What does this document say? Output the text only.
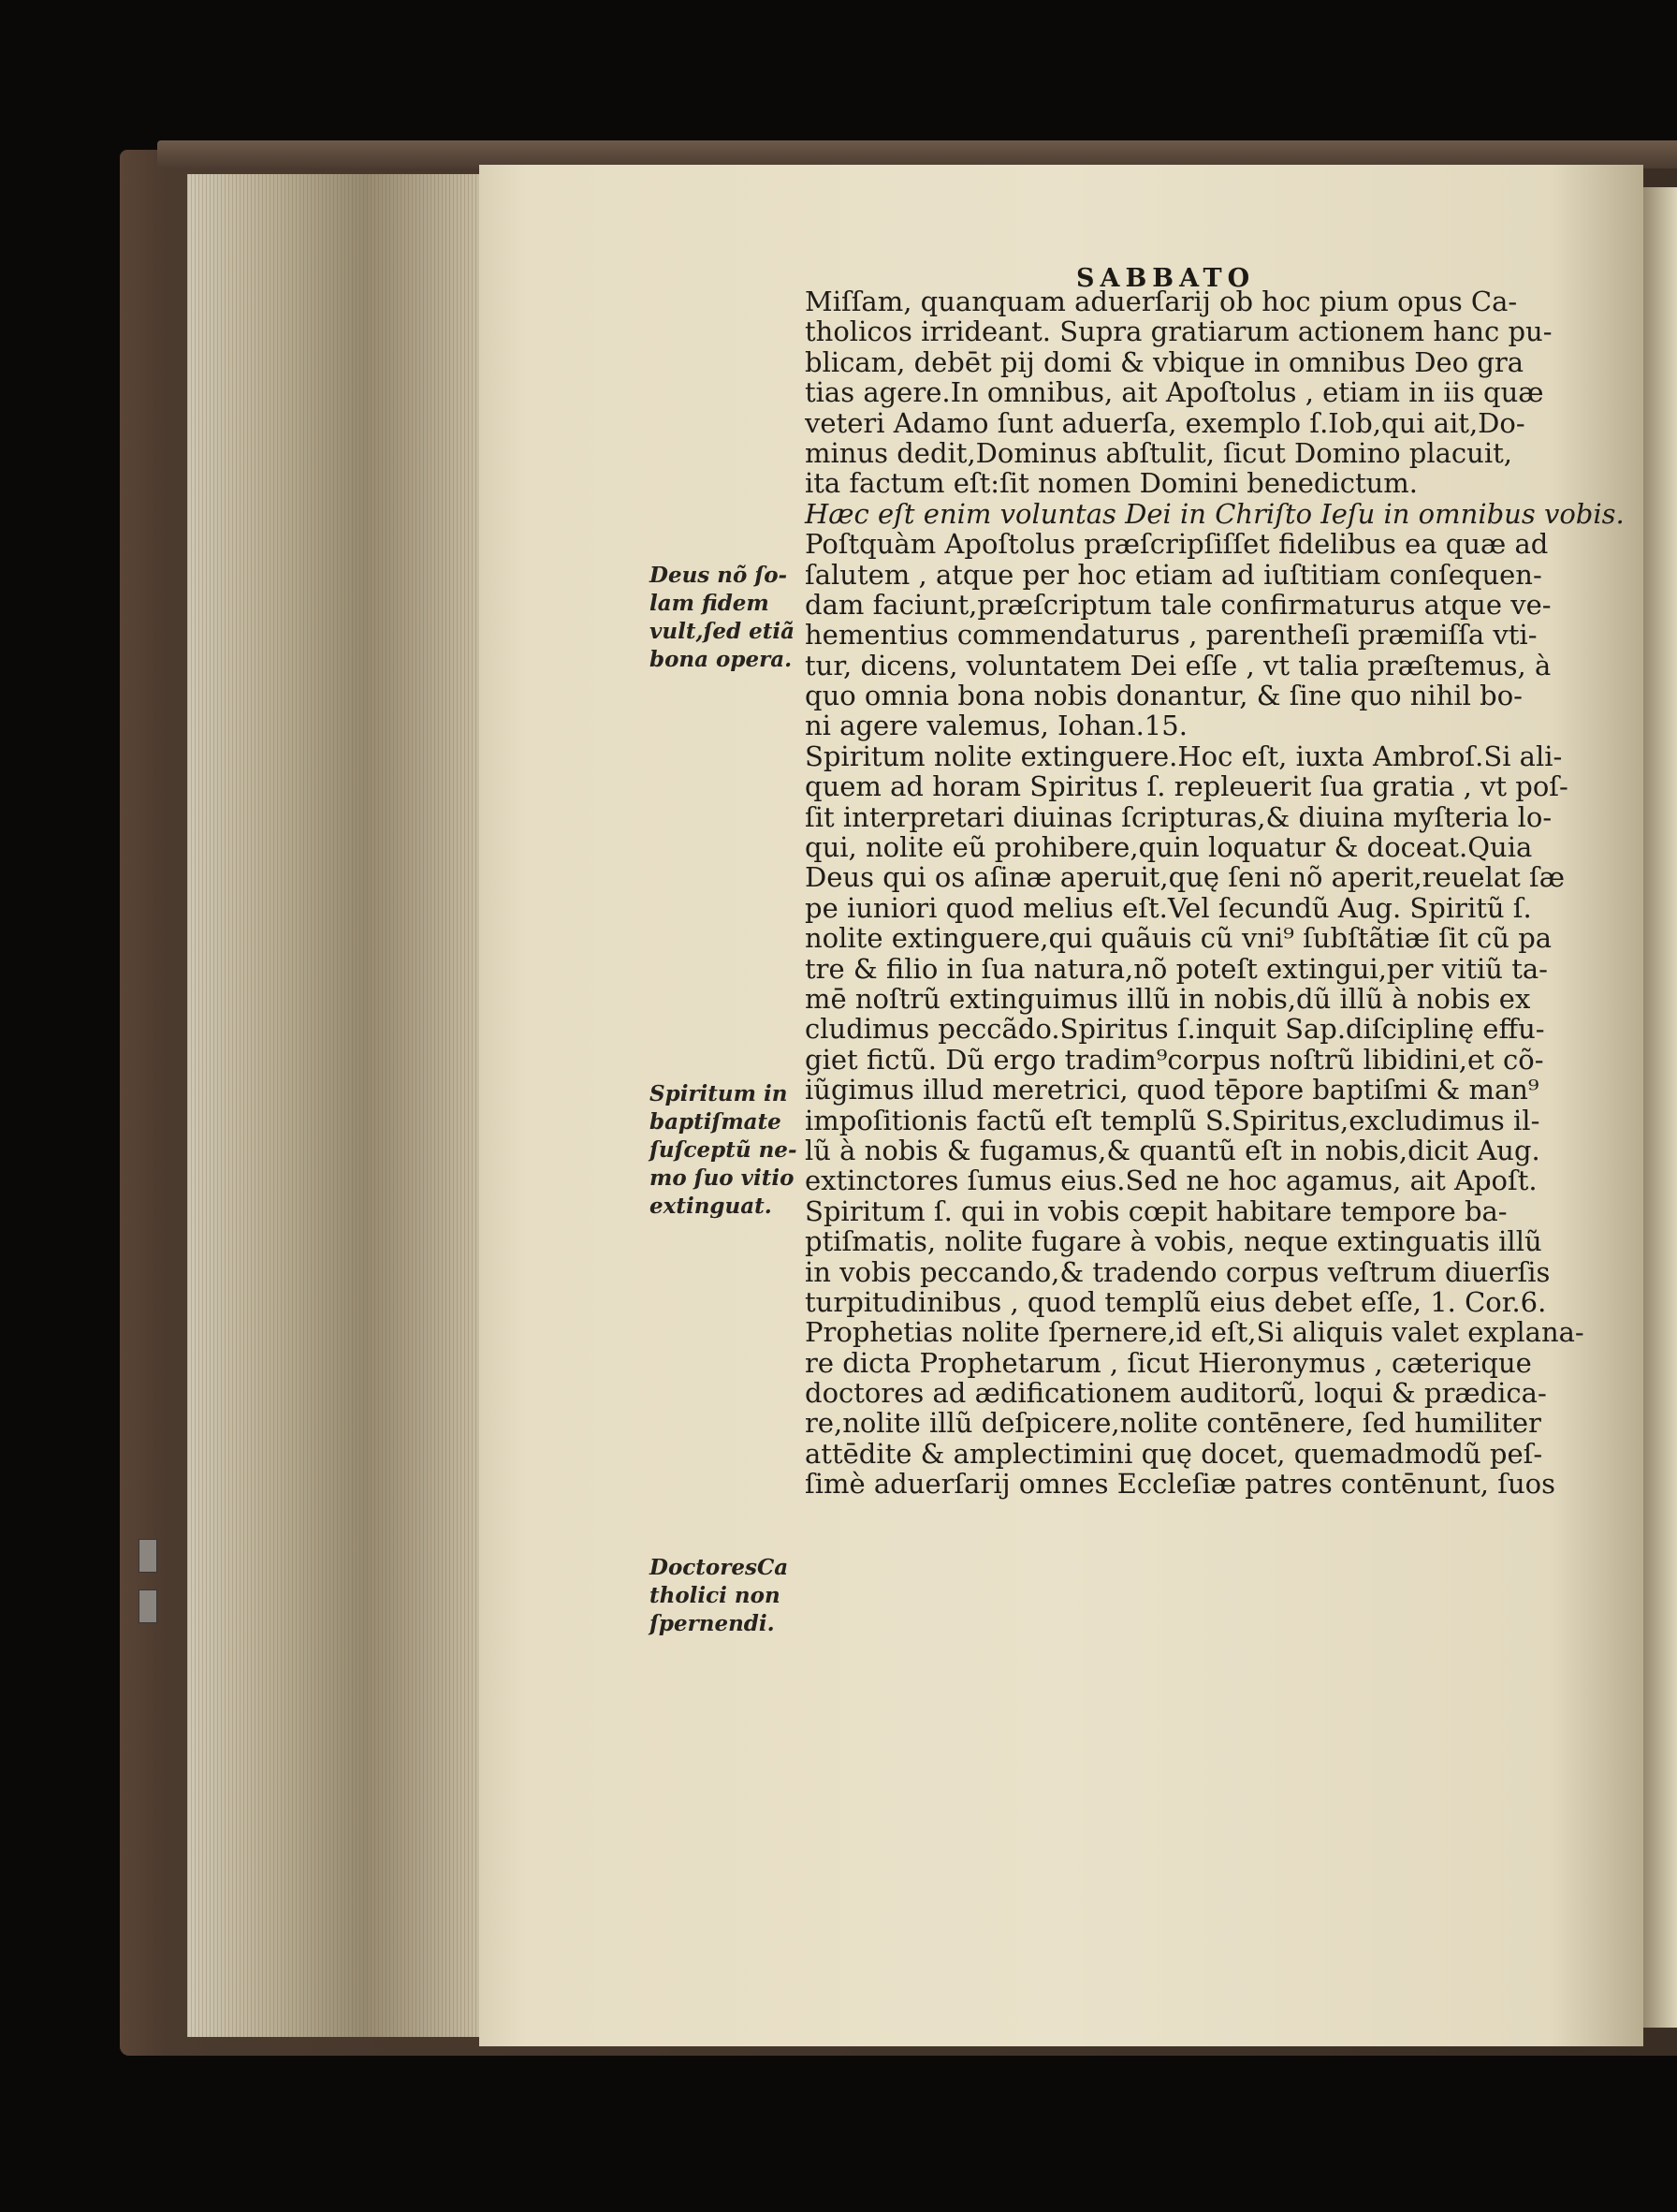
SABBATO
Miſſam, quanquam aduerſarij ob hoc pium opus Ca-
tholicos irrideant. Supra gratiarum actionem hanc pu-
blicam, debēt pij domi & vbique in omnibus Deo gra
tias agere.In omnibus, ait Apoſtolus , etiam in iis quæ
veteri Adamo ſunt aduerſa, exemplo ſ.Iob,qui ait,Do-
minus dedit,Dominus abſtulit, ſicut Domino placuit,
ita factum eſt:ſit nomen Domini benedictum.
Hæc eſt enim voluntas Dei in Chriſto Ieſu in omnibus vobis.
Poſtquàm Apoſtolus præſcripſiſſet fidelibus ea quæ ad
ſalutem , atque per hoc etiam ad iuſtitiam conſequen-
dam faciunt,præſcriptum tale confirmaturus atque ve-
hementius commendaturus , parentheſi præmiſſa vti-
tur, dicens, voluntatem Dei eſſe , vt talia præſtemus, à
quo omnia bona nobis donantur, & ſine quo nihil bo-
ni agere valemus, Iohan.15.
Spiritum nolite extinguere.Hoc eſt, iuxta Ambroſ.Si ali-
quem ad horam Spiritus ſ. repleuerit ſua gratia , vt poſ-
ſit interpretari diuinas ſcripturas,& diuina myſteria lo-
qui, nolite eũ prohibere,quin loquatur & doceat.Quia
Deus qui os aſinæ aperuit,quę ſeni nõ aperit,reuelat ſæ
pe iuniori quod melius eſt.Vel ſecundũ Aug. Spiritũ ſ.
nolite extinguere,qui quãuis cũ vni⁹ ſubſtãtiæ ſit cũ pa
tre & filio in ſua natura,nõ poteſt extingui,per vitiũ ta-
mē noſtrũ extinguimus illũ in nobis,dũ illũ à nobis ex
cludimus peccãdo.Spiritus ſ.inquit Sap.diſciplinę effu-
giet fictũ. Dũ ergo tradim⁹corpus noſtrũ libidini,et cõ-
iũgimus illud meretrici, quod tēpore baptiſmi & man⁹
impoſitionis factũ eſt templũ S.Spiritus,excludimus il-
lũ à nobis & fugamus,& quantũ eſt in nobis,dicit Aug.
extinctores ſumus eius.Sed ne hoc agamus, ait Apoſt.
Spiritum ſ. qui in vobis cœpit habitare tempore ba-
ptiſmatis, nolite fugare à vobis, neque extinguatis illũ
in vobis peccando,& tradendo corpus veſtrum diuerſis
turpitudinibus , quod templũ eius debet eſſe, 1. Cor.6.
Prophetias nolite ſpernere,id eſt,Si aliquis valet explana-
re dicta Prophetarum , ſicut Hieronymus , cæterique
doctores ad ædificationem auditorũ, loqui & prædica-
re,nolite illũ deſpicere,nolite contēnere, ſed humiliter
attēdite & amplectimini quę docet, quemadmodũ peſ-
ſimè aduerſarij omnes Eccleſiæ patres contēnunt, ſuos
Deus nõ ſo-
lam fidem
vult,ſed etiã
bona opera.
Spiritum in
baptiſmate
ſuſceptũ ne-
mo ſuo vitio
extinguat.
DoctoresCa
tholici non
ſpernendi.
